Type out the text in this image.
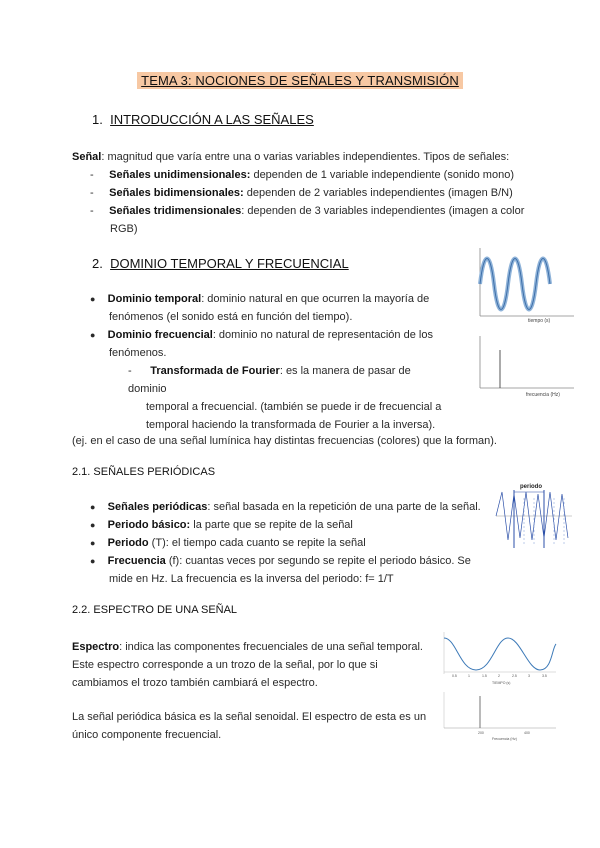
TEMA 3: NOCIONES DE SEÑALES Y TRANSMISIÓN
1. INTRODUCCIÓN A LAS SEÑALES
Señal: magnitud que varía entre una o varias variables independientes. Tipos de señales:
- Señales unidimensionales: dependen de 1 variable independiente (sonido mono)
- Señales bidimensionales: dependen de 2 variables independientes (imagen B/N)
- Señales tridimensionales: dependen de 3 variables independientes (imagen a color
RGB)
2. DOMINIO TEMPORAL Y FRECUENCIAL
● Dominio temporal: dominio natural en que ocurren la mayoría de
fenómenos (el sonido está en función del tiempo).
● Dominio frecuencial: dominio no natural de representación de los
fenómenos.
- Transformada de Fourier: es la manera de pasar de dominio
temporal a frecuencial. (también se puede ir de frecuencial a
temporal haciendo la transformada de Fourier a la inversa).
(ej. en el caso de una señal lumínica hay distintas frecuencias (colores) que la forman).
tiempo (s)
frecuencia (Hz)
2.1. SEÑALES PERIÓDICAS
● Señales periódicas: señal basada en la repetición de una parte de la señal.
● Periodo básico: la parte que se repite de la señal
● Periodo (T): el tiempo cada cuanto se repite la señal
● Frecuencia (f): cuantas veces por segundo se repite el periodo básico. Se
mide en Hz. La frecuencia es la inversa del periodo: f= 1/T
periodo
2.2. ESPECTRO DE UNA SEÑAL
Espectro: indica las componentes frecuenciales de una señal temporal.
Este espectro corresponde a un trozo de la señal, por lo que si
cambiamos el trozo también cambiará el espectro.
La señal periódica básica es la señal senoidal. El espectro de esta es un
único componente frecuencial.
0.5	1	1.5	2	2.5	3	3.5
TIEMPO (s)
200	400
Frecuencia (Hz)
